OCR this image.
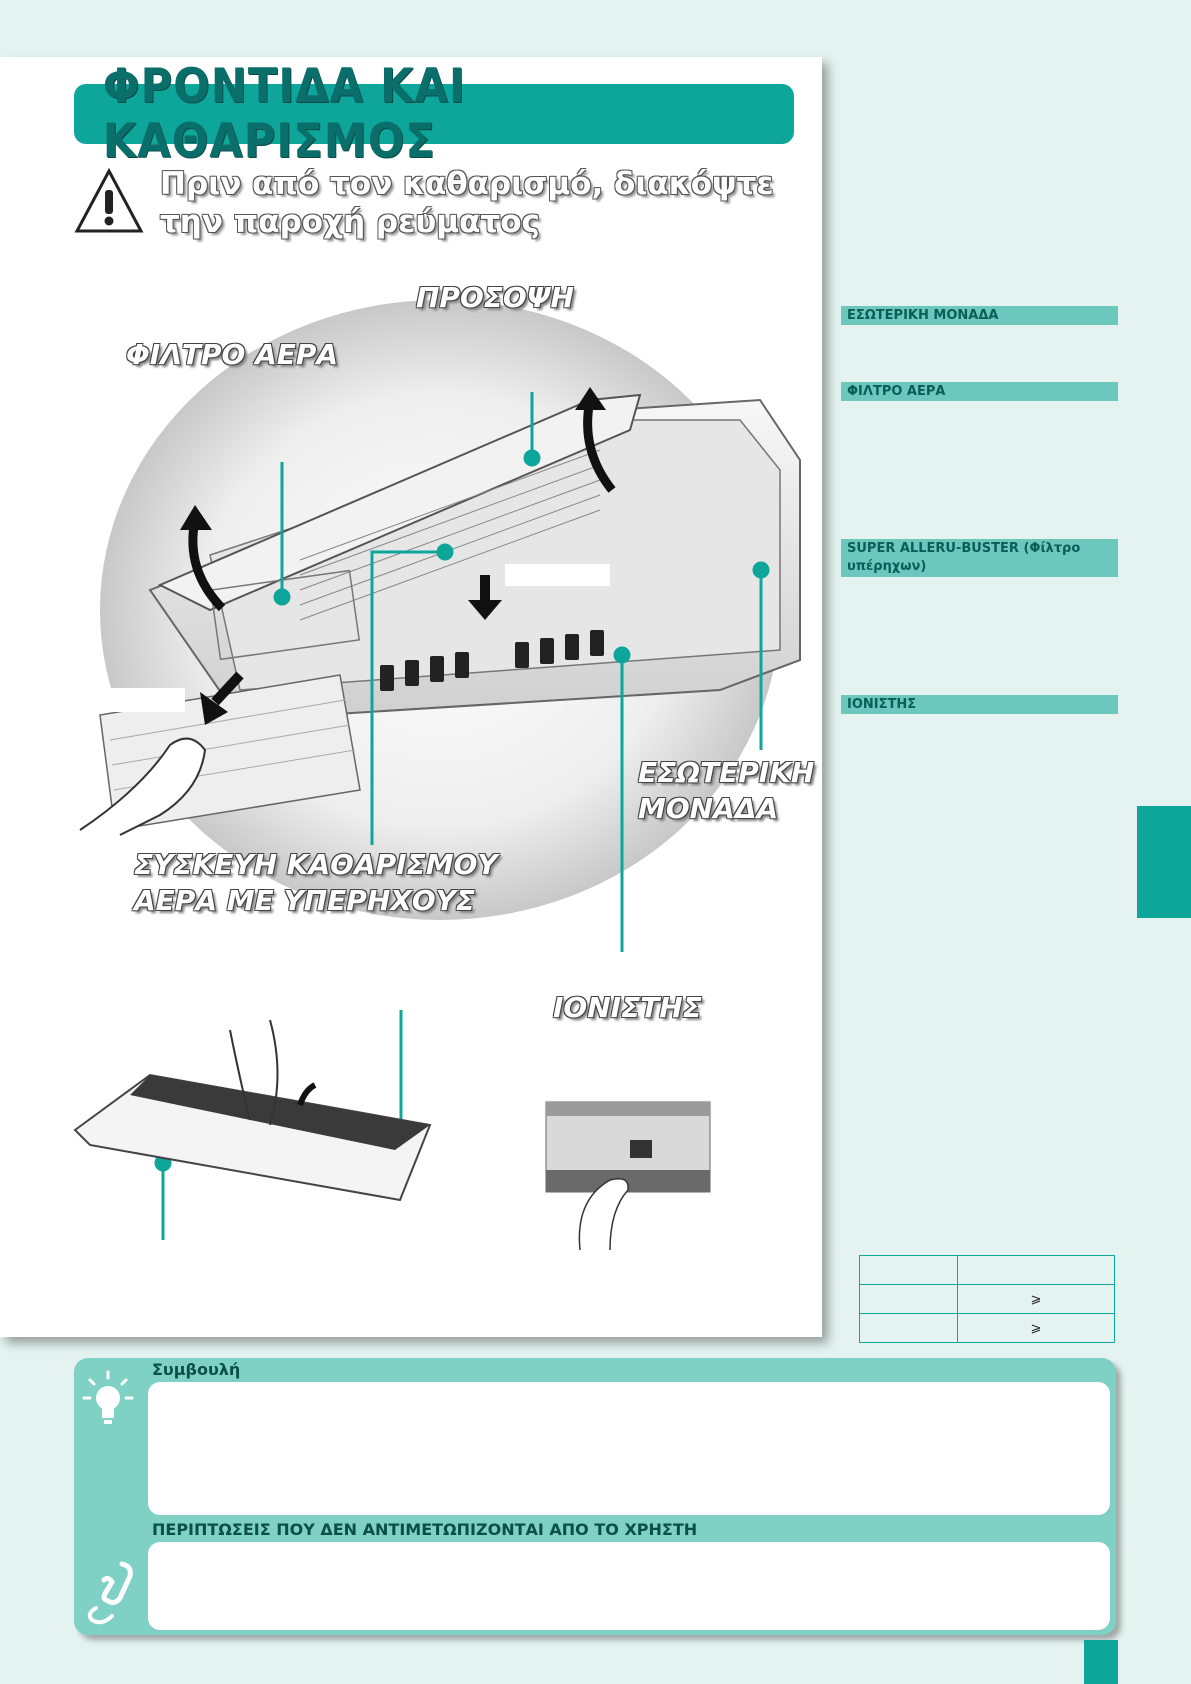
ΦΡΟΝΤΙΔΑ ΚΑΙ ΚΑΘΑΡΙΣΜΟΣ
Πριν από τον καθαρισμό, διακόψτε την παροχή ρεύματος
ΠΡΟΣΟΨΗ
ΦΙΛΤΡΟ ΑΕΡΑ
ΕΣΩΤΕΡΙΚΗ
ΜΟΝΑΔΑ
ΣΥΣΚΕΥΗ ΚΑΘΑΡΙΣΜΟΥ
ΑΕΡΑ ΜΕ ΥΠΕΡΗΧΟΥΣ
ΙΟΝΙΣΤΗΣ
ΕΣΩΤΕΡΙΚΗ ΜΟΝΑΔΑ
ΦΙΛΤΡΟ ΑΕΡΑ
SUPER ALLERU-BUSTER (Φίλτρο υπέρηχων)
ΙΟΝΙΣΤΗΣ

	⩾
	⩾
Συμβουλή
ΠΕΡΙΠΤΩΣΕΙΣ ΠΟΥ ΔΕΝ ΑΝΤΙΜΕΤΩΠΙΖΟΝΤΑΙ ΑΠΟ ΤΟ ΧΡΗΣΤΗ
